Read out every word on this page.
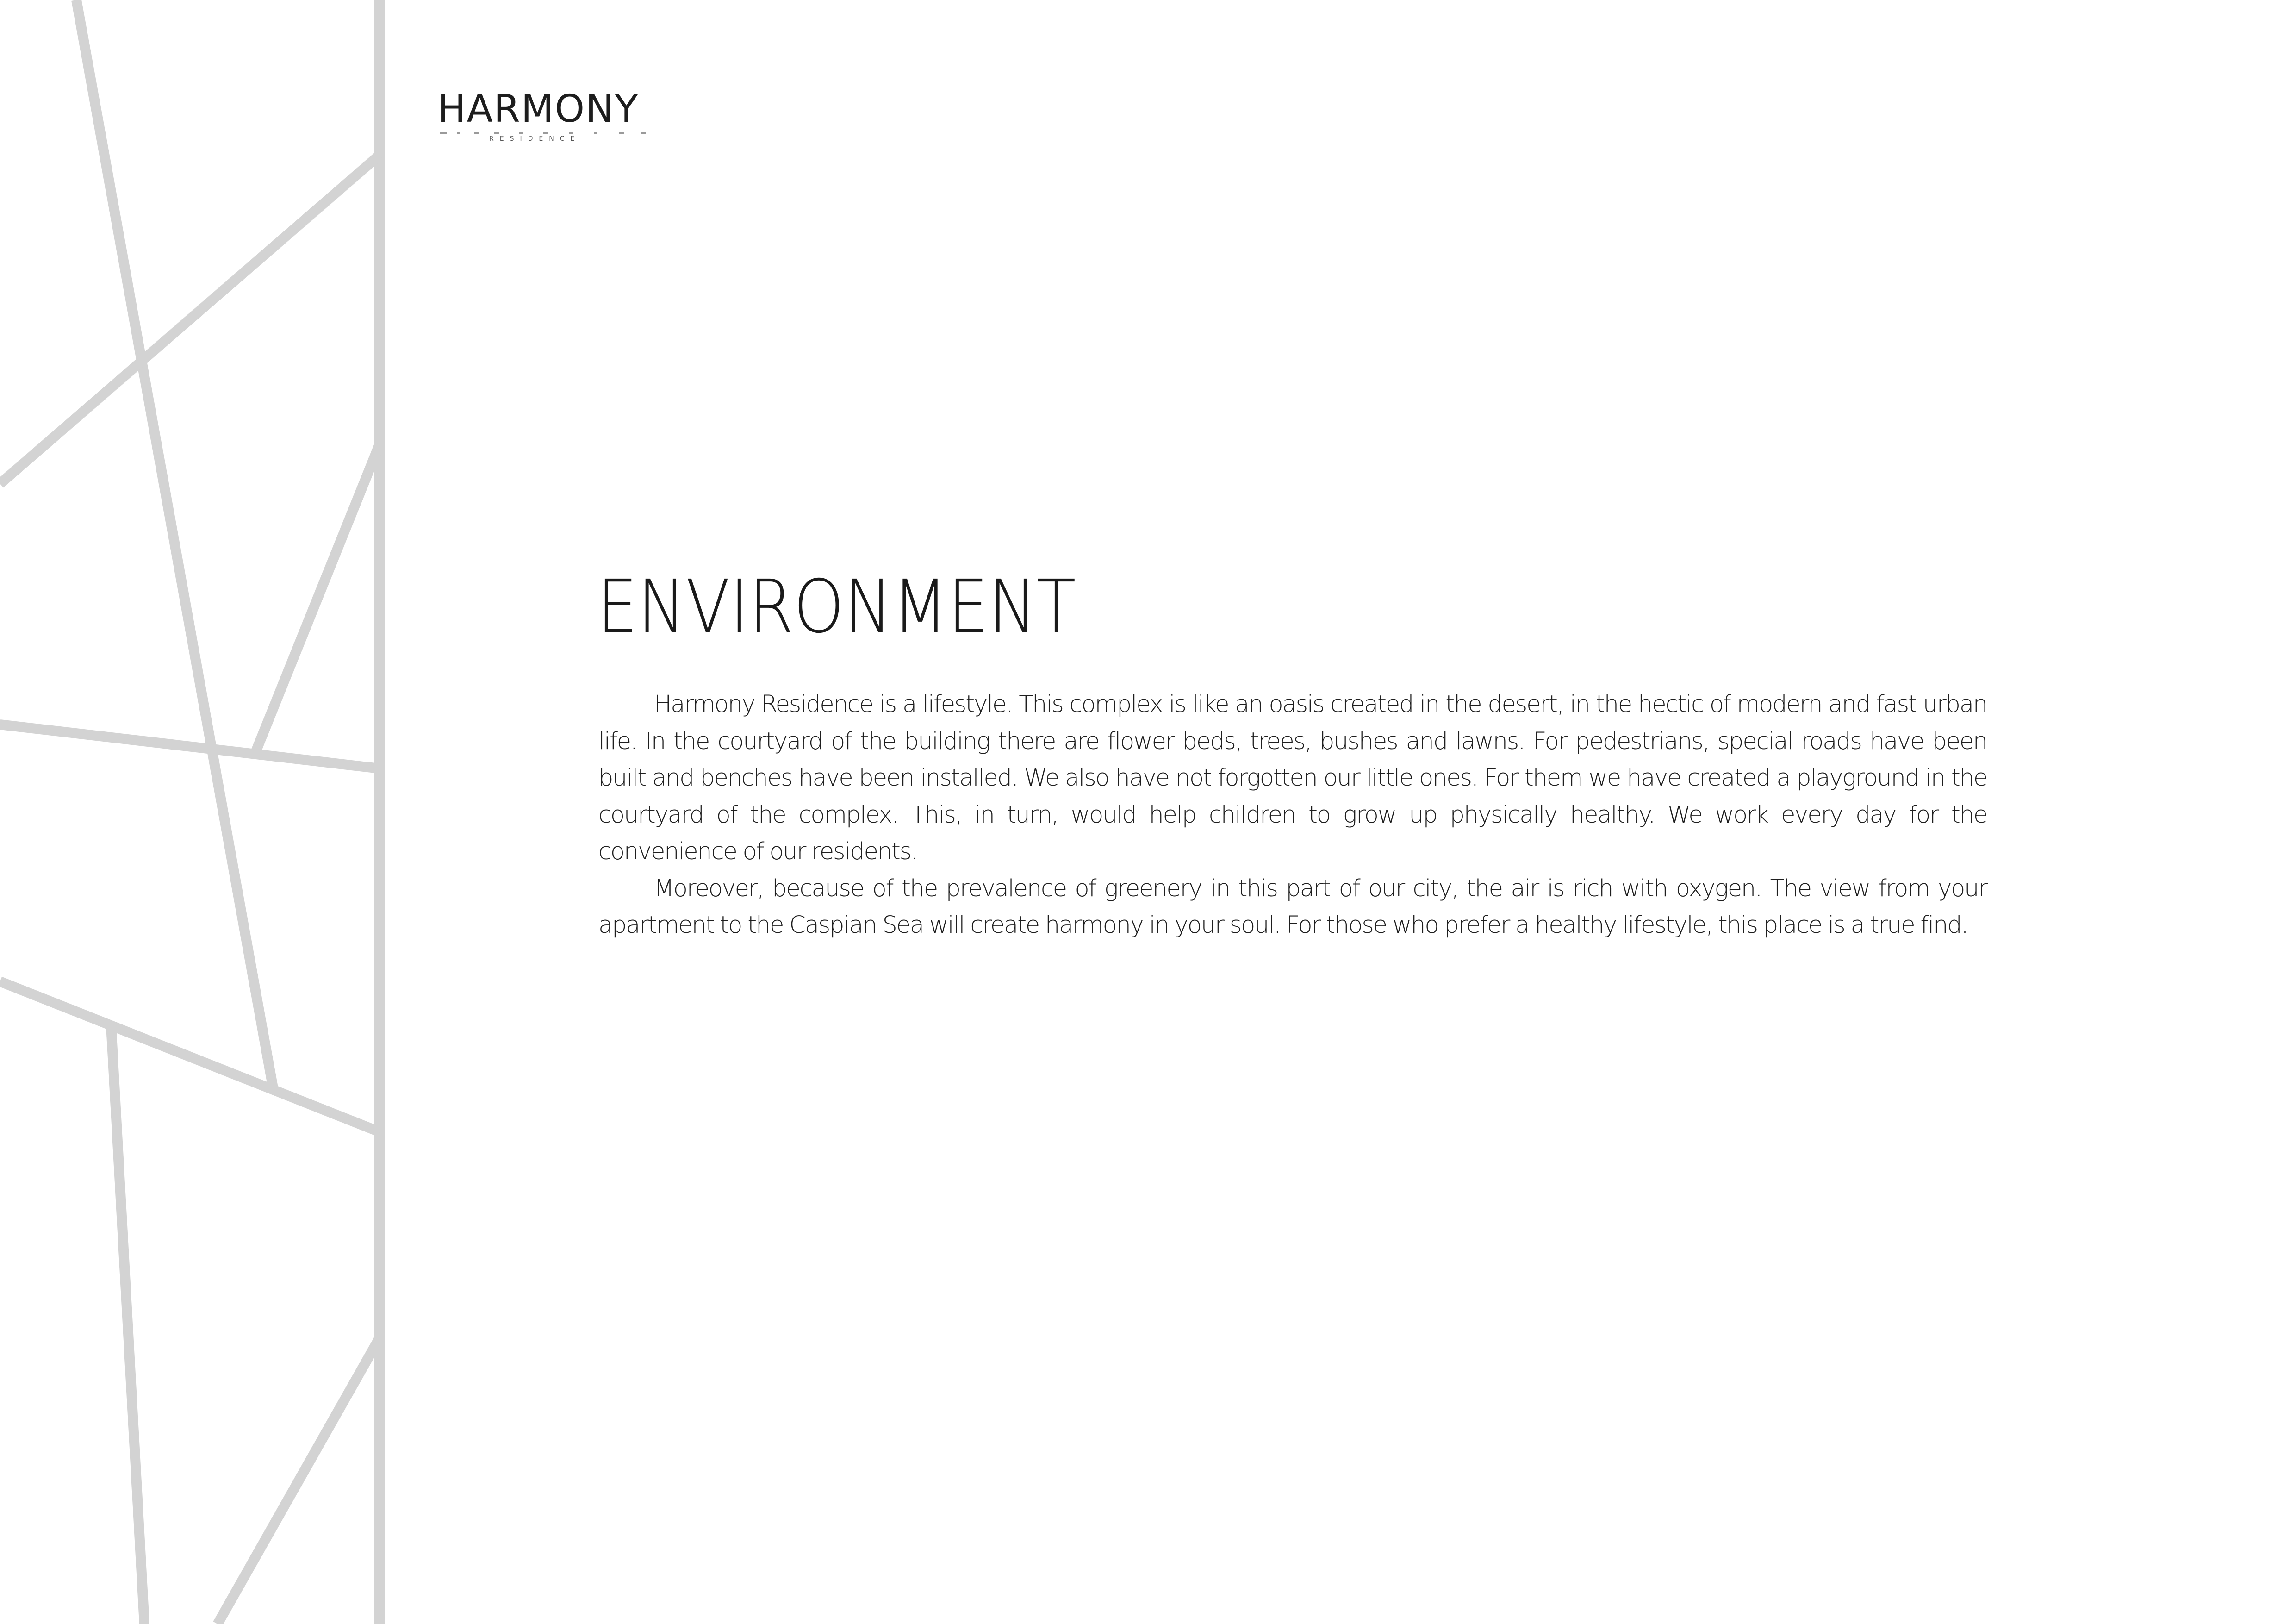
HARMONY
RESIDENCE
ENVIRONMENT

Harmony Residence is a lifestyle. This complex is like an oasis created in the desert, in the hectic of modern and fast urban life. In the courtyard of the building there are flower beds, trees, bushes and lawns. For pedestrians, special roads have been built and benches have been installed. We also have not forgotten our little ones. For them we have created a playground in the courtyard of the complex. This, in turn, would help children to grow up physically healthy. We work every day for the convenience of our residents.

Moreover, because of the prevalence of greenery in this part of our city, the air is rich with oxygen. The view from your apartment to the Caspian Sea will create harmony in your soul. For those who prefer a healthy lifestyle, this place is a true find.
